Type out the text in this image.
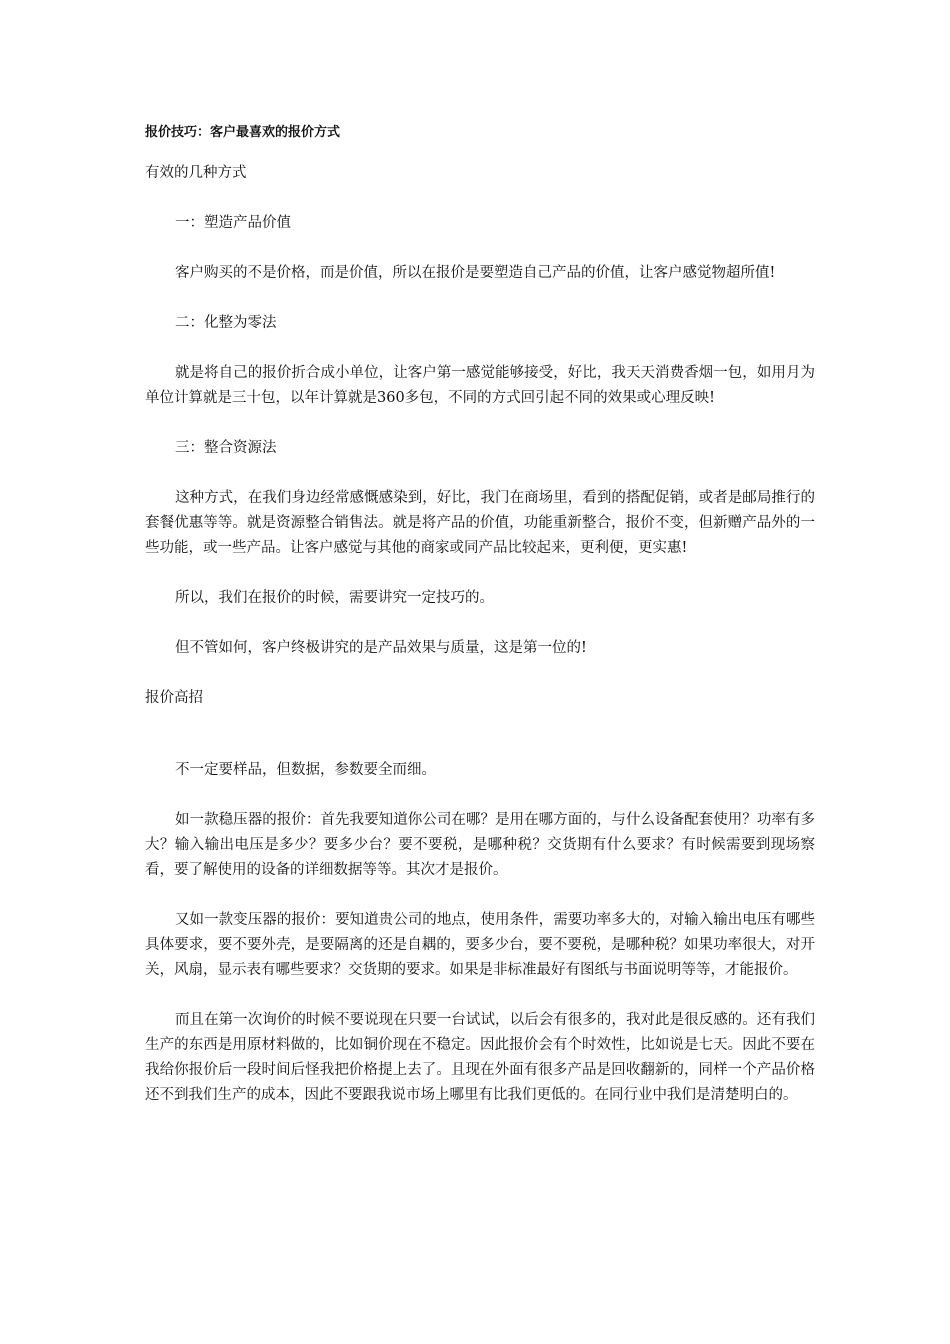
报价技巧：客户最喜欢的报价方式
有效的几种方式
一：塑造产品价值
客户购买的不是价格，而是价值，所以在报价是要塑造自己产品的价值，让客户感觉物超所值!
二：化整为零法
就是将自己的报价折合成小单位，让客户第一感觉能够接受，好比，我天天消费香烟一包，如用月为单位计算就是三十包，以年计算就是360多包，不同的方式回引起不同的效果或心理反映!
三：整合资源法
这种方式，在我们身边经常感慨感染到，好比，我门在商场里，看到的搭配促销，或者是邮局推行的套餐优惠等等。就是资源整合销售法。就是将产品的价值，功能重新整合，报价不变，但新赠产品外的一些功能，或一些产品。让客户感觉与其他的商家或同产品比较起来，更利便，更实惠!
所以，我们在报价的时候，需要讲究一定技巧的。
但不管如何，客户终极讲究的是产品效果与质量，这是第一位的!
报价高招
不一定要样品，但数据，参数要全而细。
如一款稳压器的报价：首先我要知道你公司在哪？是用在哪方面的，与什么设备配套使用？功率有多大？输入输出电压是多少？要多少台？要不要税，是哪种税？交货期有什么要求？有时候需要到现场察看，要了解使用的设备的详细数据等等。其次才是报价。
又如一款变压器的报价：要知道贵公司的地点，使用条件，需要功率多大的，对输入输出电压有哪些具体要求，要不要外壳，是要隔离的还是自耦的，要多少台，要不要税，是哪种税？如果功率很大，对开关，风扇，显示表有哪些要求？交货期的要求。如果是非标准最好有图纸与书面说明等等，才能报价。
而且在第一次询价的时候不要说现在只要一台试试，以后会有很多的，我对此是很反感的。还有我们生产的东西是用原材料做的，比如铜价现在不稳定。因此报价会有个时效性，比如说是七天。因此不要在我给你报价后一段时间后怪我把价格提上去了。且现在外面有很多产品是回收翻新的，同样一个产品价格还不到我们生产的成本，因此不要跟我说市场上哪里有比我们更低的。在同行业中我们是清楚明白的。
